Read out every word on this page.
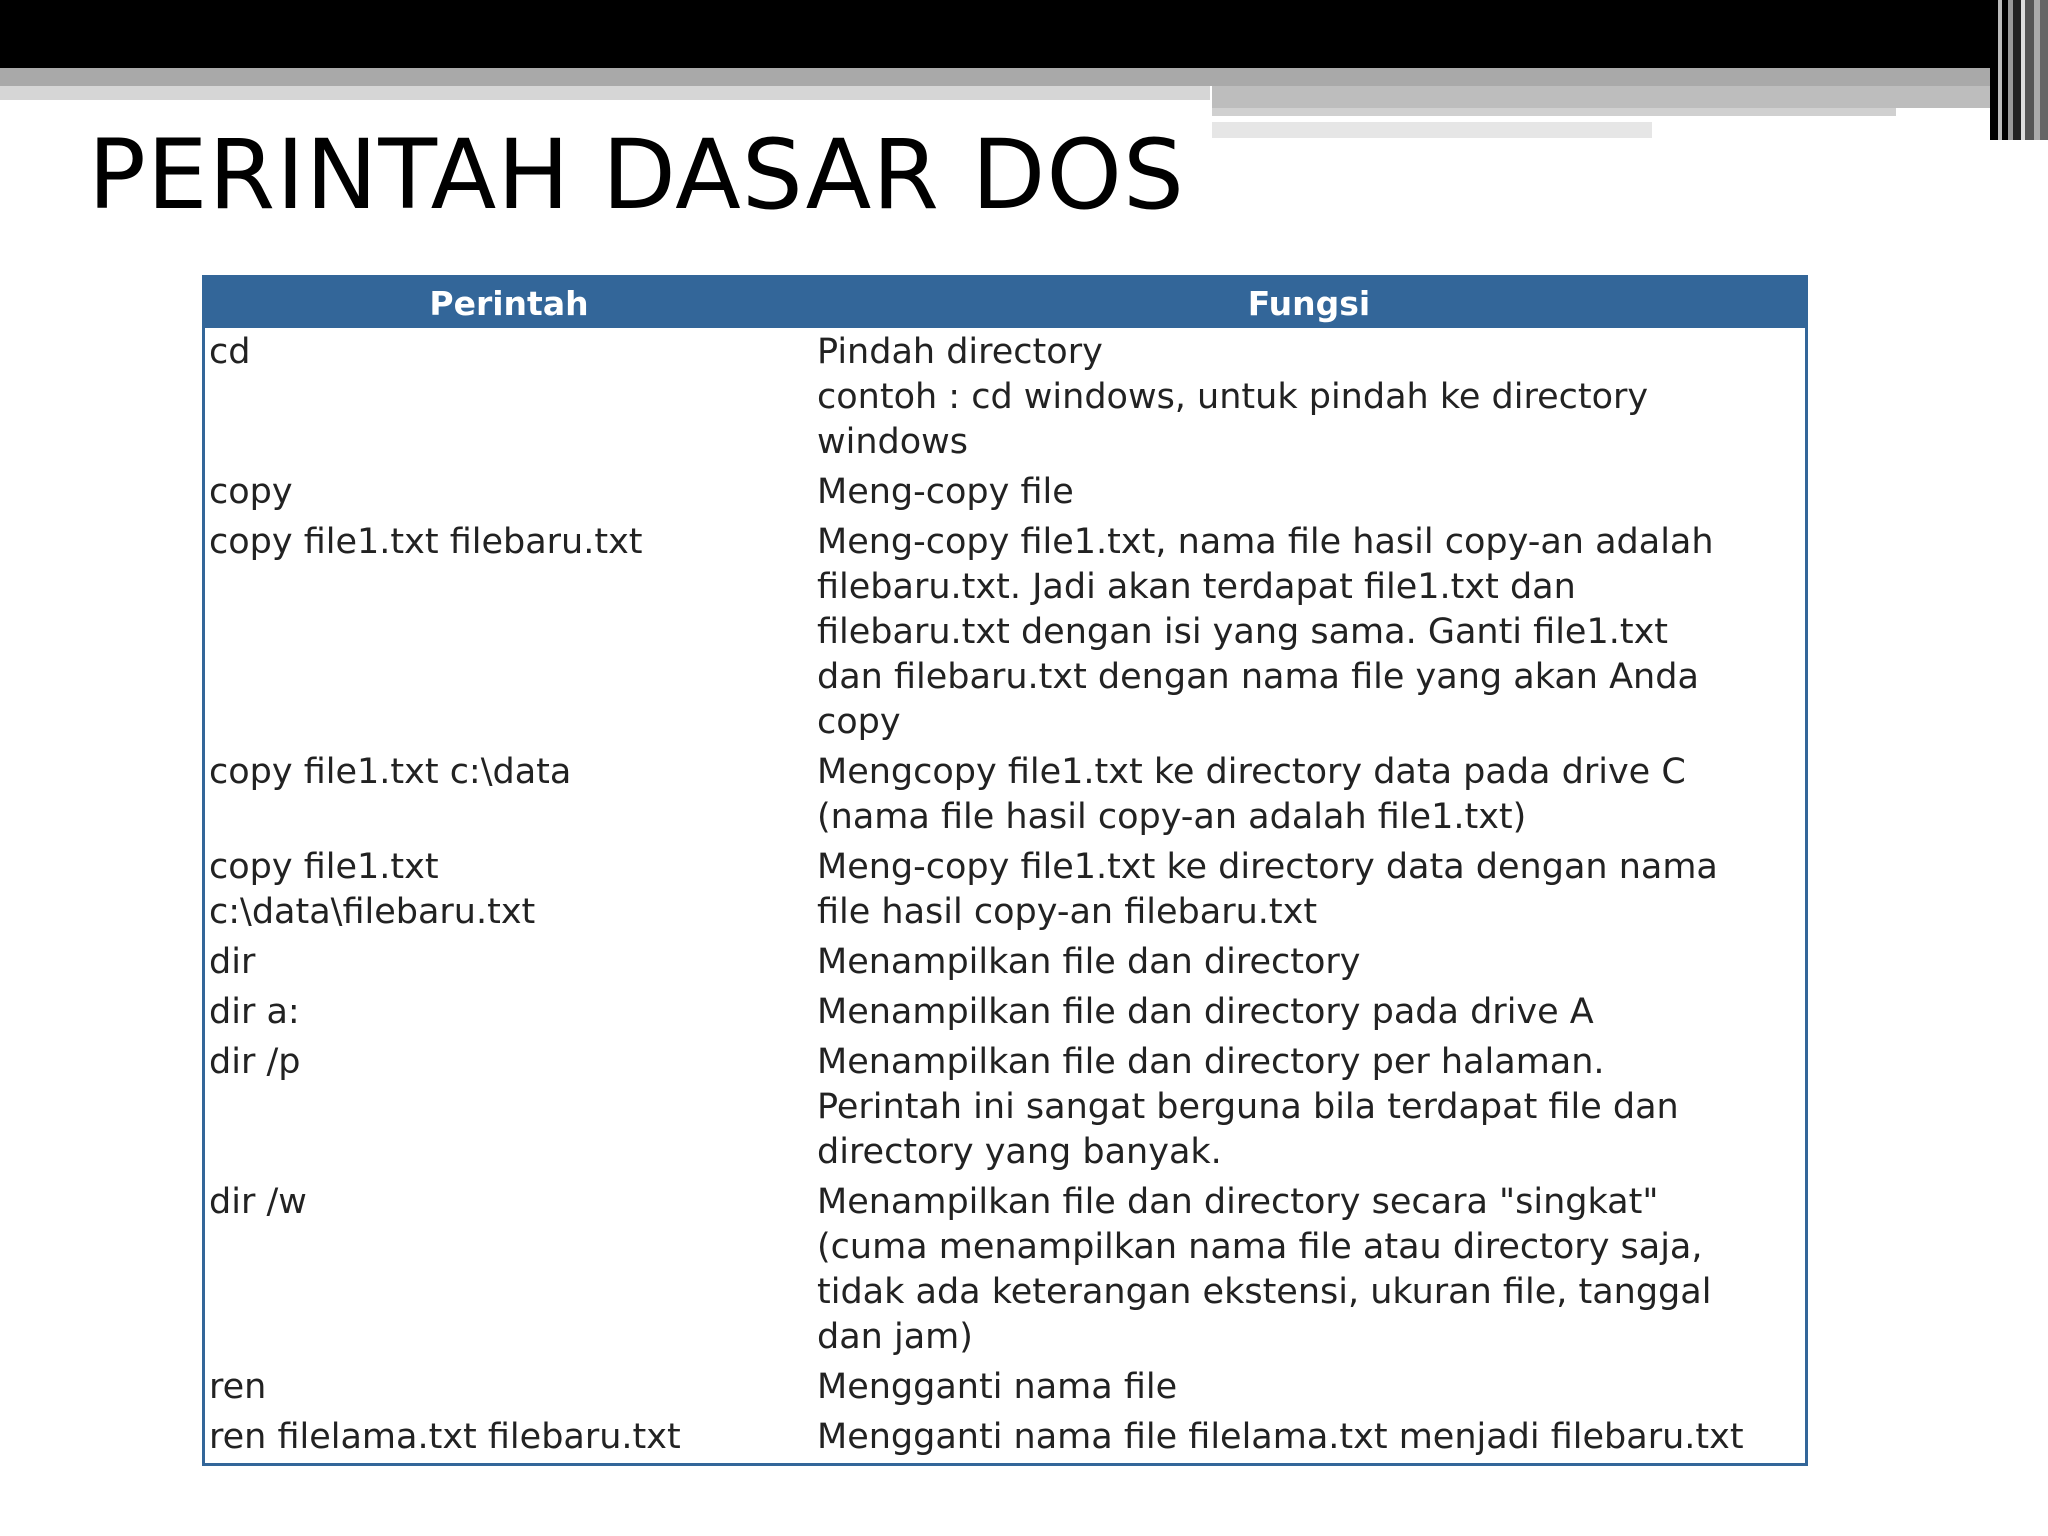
PERINTAH DASAR DOS
Perintah	Fungsi
cd	Pindah directory
contoh : cd windows, untuk pindah ke directory
windows
copy	Meng-copy file
copy file1.txt filebaru.txt	Meng-copy file1.txt, nama file hasil copy-an adalah
filebaru.txt. Jadi akan terdapat file1.txt dan
filebaru.txt dengan isi yang sama. Ganti file1.txt
dan filebaru.txt dengan nama file yang akan Anda
copy
copy file1.txt c:\data	Mengcopy file1.txt ke directory data pada drive C
(nama file hasil copy-an adalah file1.txt)
copy file1.txt
c:\data\filebaru.txt	Meng-copy file1.txt ke directory data dengan nama
file hasil copy-an filebaru.txt
dir	Menampilkan file dan directory
dir a:	Menampilkan file dan directory pada drive A
dir /p	Menampilkan file dan directory per halaman.
Perintah ini sangat berguna bila terdapat file dan
directory yang banyak.
dir /w	Menampilkan file dan directory secara "singkat"
(cuma menampilkan nama file atau directory saja,
tidak ada keterangan ekstensi, ukuran file, tanggal
dan jam)
ren	Mengganti nama file
ren filelama.txt filebaru.txt	Mengganti nama file filelama.txt menjadi filebaru.txt
